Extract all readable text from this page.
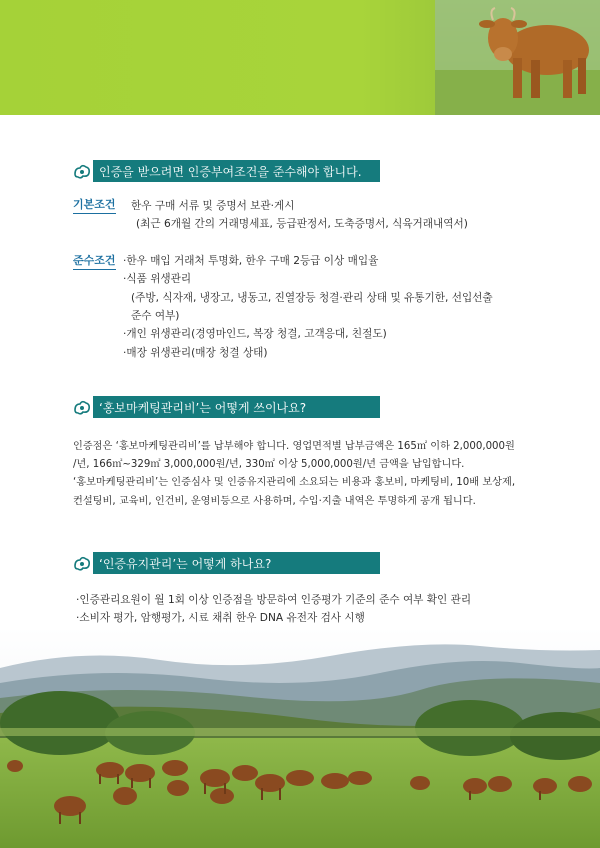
인증을 받으려면 인증부여조건을 준수해야 합니다.
기본조건 한우 구매 서류 및 증명서 보관·게시
(최근 6개월 간의 거래명세표, 등급판정서, 도축증명서, 식육거래내역서)
준수조건 ·한우 매입 거래처 투명화, 한우 구매 2등급 이상 매입율
·식품 위생관리
(주방, 식자재, 냉장고, 냉동고, 진열장등 청결·관리 상태 및 유통기한, 선입선출
준수 여부)
·개인 위생관리(경영마인드, 복장 청결, 고객응대, 친절도)
·매장 위생관리(매장 청결 상태)
‘홍보마케팅관리비’는 어떻게 쓰이나요?
인증점은 ‘홍보마케팅관리비’를 납부해야 합니다. 영업면적별 납부금액은 165㎡ 이하 2,000,000원
/년, 166㎡~329㎡ 3,000,000원/년, 330㎡ 이상 5,000,000원/년 금액을 납입합니다.
‘홍보마케팅관리비’는 인증심사 및 인증유지관리에 소요되는 비용과 홍보비, 마케팅비, 10배 보상제,
컨설팅비, 교육비, 인건비, 운영비등으로 사용하며, 수입·지출 내역은 투명하게 공개 됩니다.
‘인증유지관리’는 어떻게 하나요?
·인증관리요원이 월 1회 이상 인증점을 방문하여 인증평가 기준의 준수 여부 확인 관리
·소비자 평가, 암행평가, 시료 채취 한우 DNA 유전자 검사 시행
